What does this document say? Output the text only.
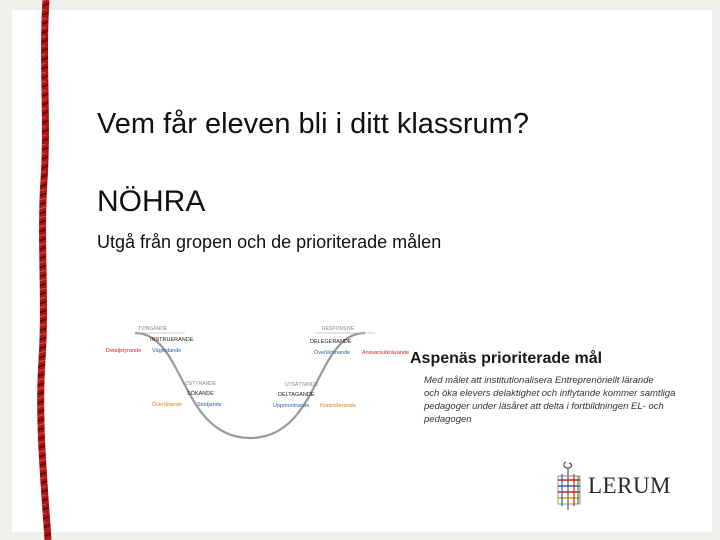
Vem får eleven bli i ditt klassrum?
NÖHRA
Utgå från gropen och de prioriterade målen
TVINGANDE
INSTRUERANDE
Detaljstyrande Vägledande
OSTYRANDE
SÖKANDE
Överlåtande	Stödjande
UTSÄTTANDE
DELTAGANDE
Uppmuntrande Kontrollerande
RESPONSIVE
DELEGERANDE
Överlämnande Ansvarsutkrävande Aspenäs prioriterade mål
Med målet att institutionalisera Entreprenöriellt lärande
och öka elevers delaktighet och inflytande kommer samtliga
pedagoger under läsåret att delta i fortbildningen EL- och
pedagogen
LERUM
